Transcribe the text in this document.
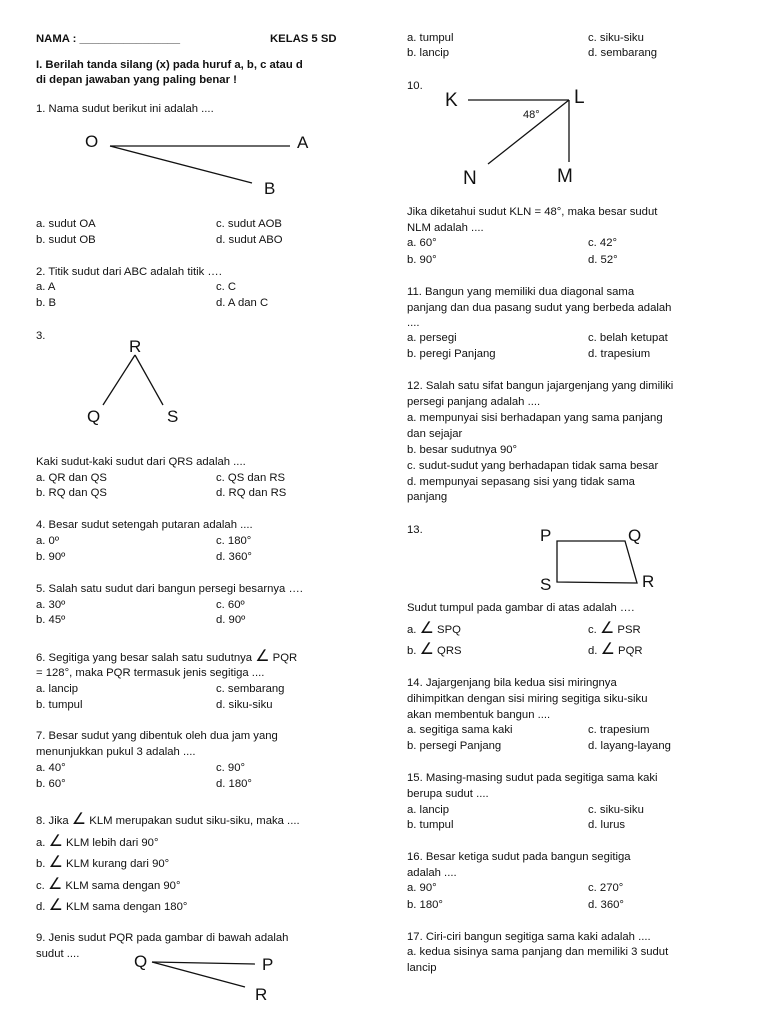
NAMA : ________________	KELAS 5 SD
I. Berilah tanda silang (x) pada huruf a, b, c atau d
di depan jawaban yang paling benar !
1. Nama sudut berikut ini adalah ....
O	A
B
a. sudut OA
b. sudut OB
c. sudut AOB
d. sudut ABO
2. Titik sudut dari ABC adalah titik ….
a. A
b. B
c. C
d. A dan C
3.
R
Q	S
Kaki sudut-kaki sudut dari QRS adalah ....
a. QR dan QS
b. RQ dan QS
c. QS dan RS
d. RQ dan RS
4. Besar sudut setengah putaran adalah ....
a. 0º
b. 90º
c. 180°
d. 360°
5. Salah satu sudut dari bangun persegi besarnya ….
a. 30º
b. 45º
c. 60º
d. 90º
6. Segitiga yang besar salah satu sudutnya ∠ PQR
= 128°, maka PQR termasuk jenis segitiga ....
a. lancip
b. tumpul
c. sembarang
d. siku-siku
7. Besar sudut yang dibentuk oleh dua jam yang
menunjukkan pukul 3 adalah ....
a. 40°
b. 60°
c. 90°
d. 180°
8. Jika ∠ KLM merupakan sudut siku-siku, maka ....
a. ∠ KLM lebih dari 90°
b. ∠ KLM kurang dari 90°
c. ∠ KLM sama dengan 90°
d. ∠ KLM sama dengan 180°
9. Jenis sudut PQR pada gambar di bawah adalah
sudut ....	Q	P
R
a. tumpul
b. lancip
c. siku-siku
d. sembarang
10.
K	L
N	M
48°
Jika diketahui sudut KLN = 48°, maka besar sudut
NLM adalah ....
a. 60°
b. 90°
c. 42°
d. 52°
11. Bangun yang memiliki dua diagonal sama
panjang dan dua pasang sudut yang berbeda adalah
....
a. persegi
b. peregi Panjang
c. belah ketupat
d. trapesium
12. Salah satu sifat bangun jajargenjang yang dimiliki
persegi panjang adalah ....
a. mempunyai sisi berhadapan yang sama panjang
dan sejajar
b. besar sudutnya 90°
c. sudut-sudut yang berhadapan tidak sama besar
d. mempunyai sepasang sisi yang tidak sama
panjang
13.	P	Q
S	R
Sudut tumpul pada gambar di atas adalah ….
a. ∠ SPQ
b. ∠ QRS
c. ∠ PSR
d. ∠ PQR
14. Jajargenjang bila kedua sisi miringnya
dihimpitkan dengan sisi miring segitiga siku-siku
akan membentuk bangun ....
a. segitiga sama kaki
b. persegi Panjang
c. trapesium
d. layang-layang
15. Masing-masing sudut pada segitiga sama kaki
berupa sudut ....
a. lancip
b. tumpul
c. siku-siku
d. lurus
16. Besar ketiga sudut pada bangun segitiga
adalah ....
a. 90°
b. 180°
c. 270°
d. 360°
17. Ciri-ciri bangun segitiga sama kaki adalah ....
a. kedua sisinya sama panjang dan memiliki 3 sudut
lancip
